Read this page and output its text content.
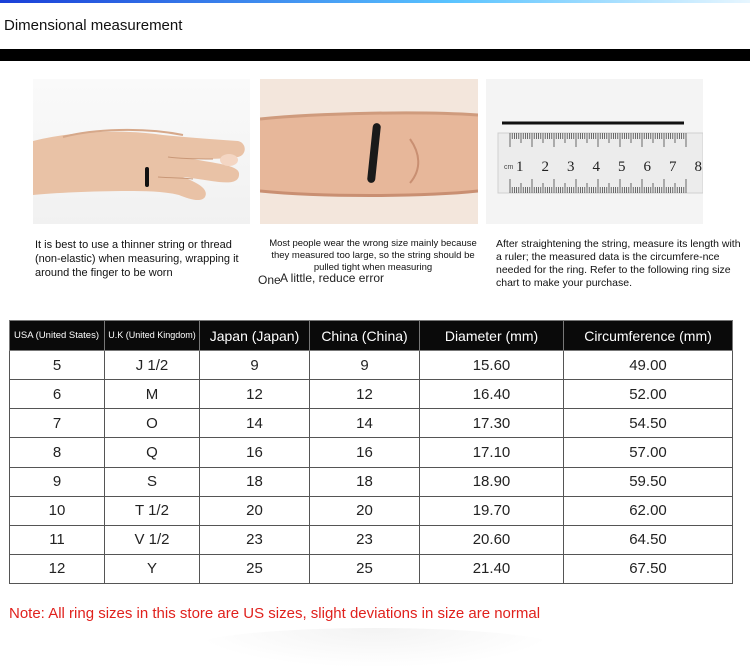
Dimensional measurement
cm 1 2 3 4 5 6 7 8
It is best to use a thinner string or thread (non-elastic) when measuring, wrapping it around the finger to be worn
Most people wear the wrong size mainly because they measured too large, so the string should be pulled tight when measuring
After straightening the string, measure its length with a ruler; the measured data is the circumfere-nce needed for the ring. Refer to the following ring size chart to make your purchase.
One A little, reduce error
USA (United States)	U.K (United Kingdom)	Japan (Japan)	China (China)	Diameter (mm)	Circumference (mm)
5	J 1/2	9	9	15.60	49.00
6	M	12	12	16.40	52.00
7	O	14	14	17.30	54.50
8	Q	16	16	17.10	57.00
9	S	18	18	18.90	59.50
10	T 1/2	20	20	19.70	62.00
11	V 1/2	23	23	20.60	64.50
12	Y	25	25	21.40	67.50
Note: All ring sizes in this store are US sizes, slight deviations in size are normal
